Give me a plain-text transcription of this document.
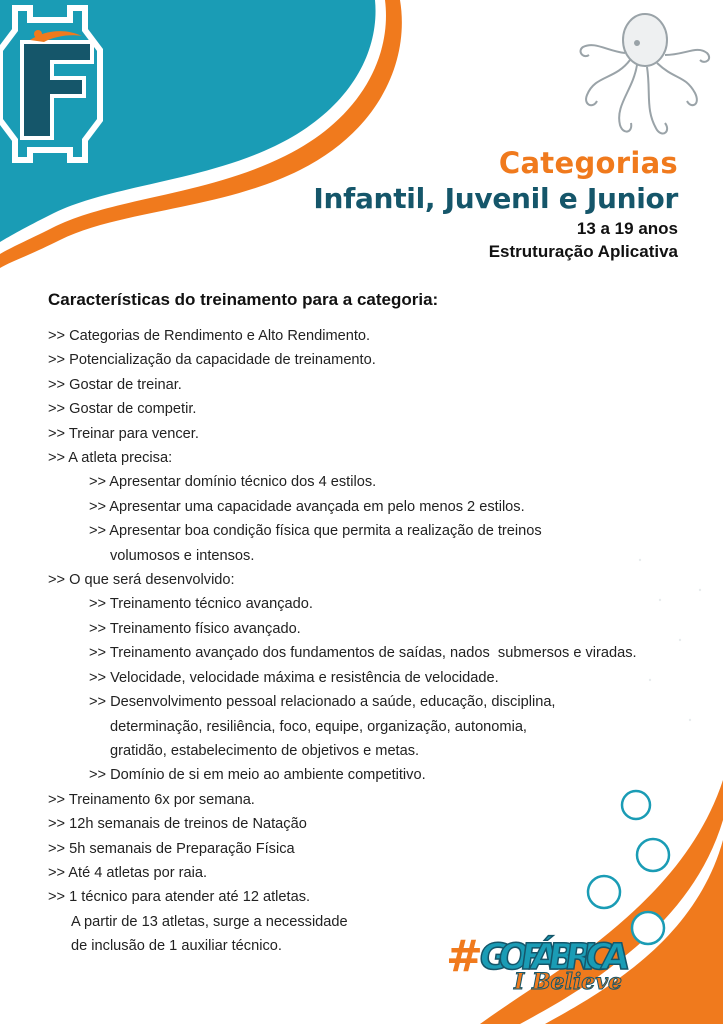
Categorias
Infantil, Juvenil e Junior
13 a 19 anos
Estruturação Aplicativa
Características do treinamento para a categoria:
>> Categorias de Rendimento e Alto Rendimento.
>> Potencialização da capacidade de treinamento.
>> Gostar de treinar.
>> Gostar de competir.
>> Treinar para vencer.
>> A atleta precisa:
>> Apresentar domínio técnico dos 4 estilos.
>> Apresentar uma capacidade avançada em pelo menos 2 estilos.
>> Apresentar boa condição física que permita a realização de treinos
volumosos e intensos.
>> O que será desenvolvido:
>> Treinamento técnico avançado.
>> Treinamento físico avançado.
>> Treinamento avançado dos fundamentos de saídas, nados  submersos e viradas.
>> Velocidade, velocidade máxima e resistência de velocidade.
>> Desenvolvimento pessoal relacionado a saúde, educação, disciplina,
determinação, resiliência, foco, equipe, organização, autonomia,
gratidão, estabelecimento de objetivos e metas.
>> Domínio de si em meio ao ambiente competitivo.
>> Treinamento 6x por semana.
>> 12h semanais de treinos de Natação
>> 5h semanais de Preparação Física
>> Até 4 atletas por raia.
>> 1 técnico para atender até 12 atletas.
A partir de 13 atletas, surge a necessidade
de inclusão de 1 auxiliar técnico.	#
GO FÁBRICA
I Believe
